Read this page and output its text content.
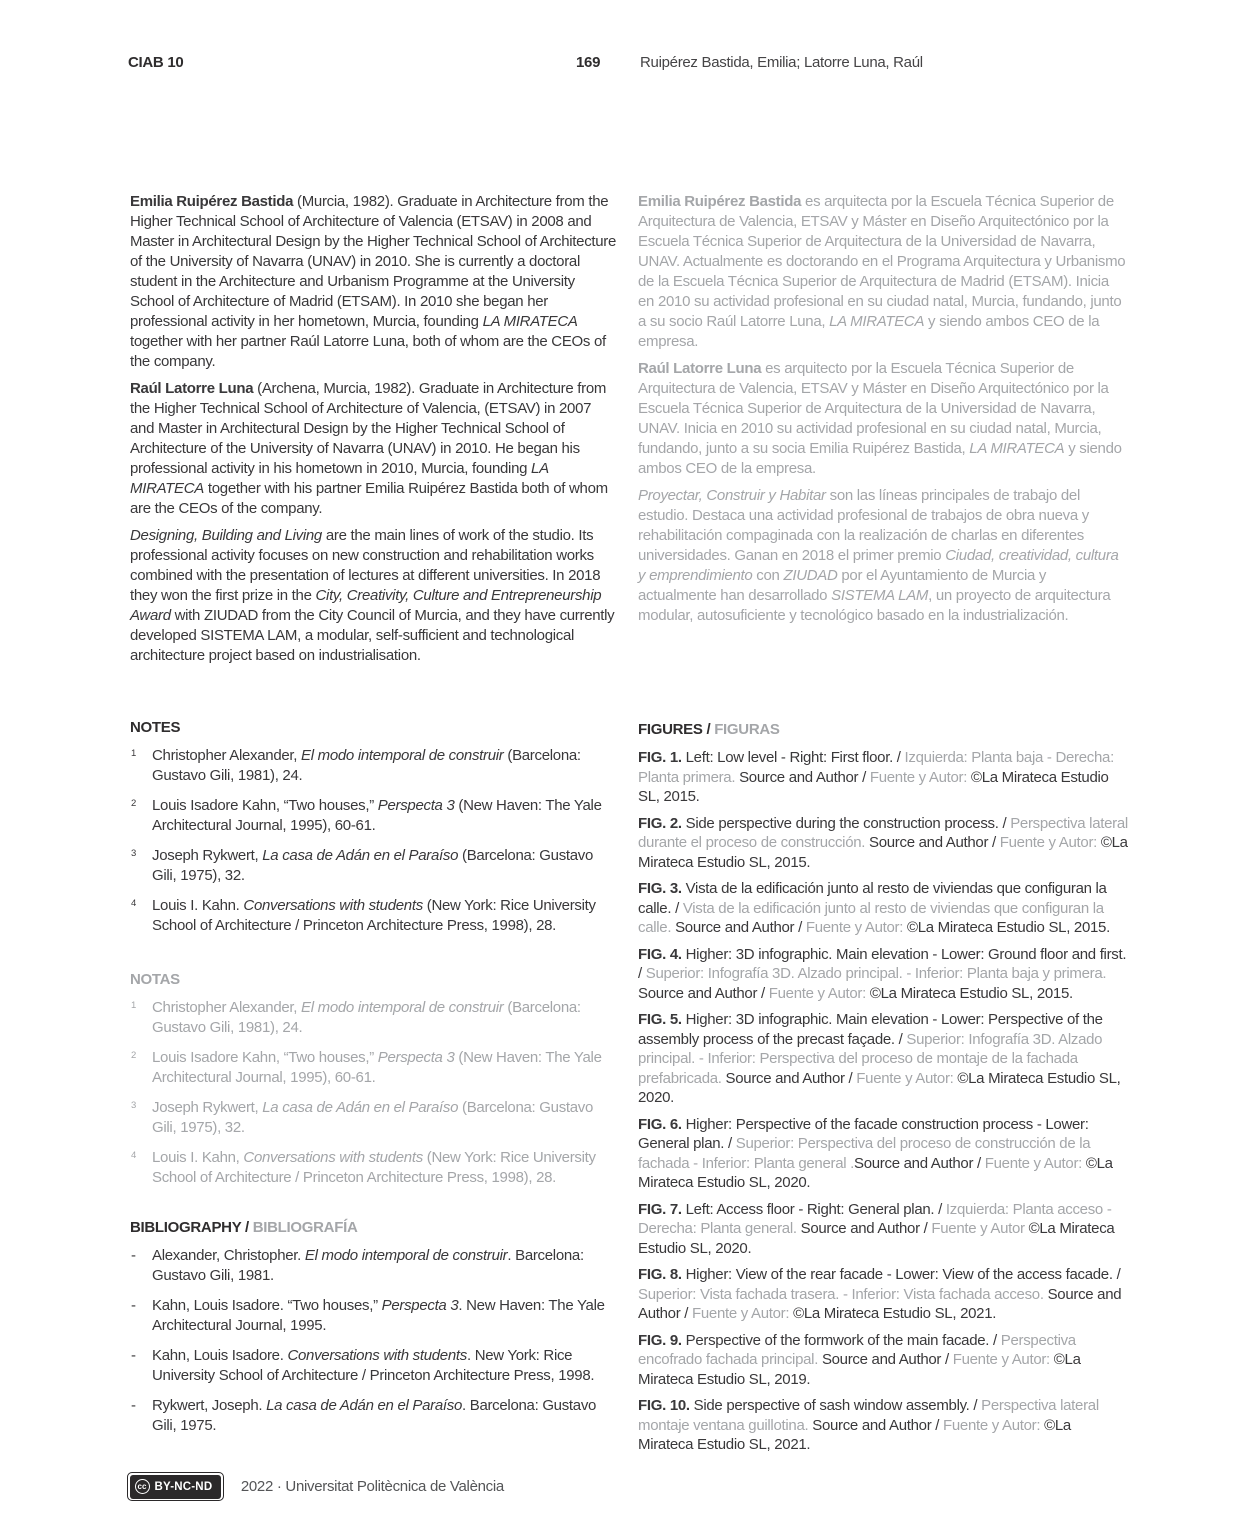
CIAB 10	169	Ruipérez Bastida, Emilia; Latorre Luna, Raúl
Emilia Ruipérez Bastida (Murcia, 1982). Graduate in Architecture from the Higher Technical School of Architecture of Valencia (ETSAV) in 2008 and Master in Architectural Design by the Higher Technical School of Architecture of the University of Navarra (UNAV) in 2010. She is currently a doctoral student in the Architecture and Urbanism Programme at the University School of Architecture of Madrid (ETSAM). In 2010 she began her professional activity in her hometown, Murcia, founding LA MIRATECA together with her partner Raúl Latorre Luna, both of whom are the CEOs of the company.
Raúl Latorre Luna (Archena, Murcia, 1982). Graduate in Architecture from the Higher Technical School of Architecture of Valencia, (ETSAV) in 2007 and Master in Architectural Design by the Higher Technical School of Architecture of the University of Navarra (UNAV) in 2010. He began his professional activity in his hometown in 2010, Murcia, founding LA MIRATECA together with his partner Emilia Ruipérez Bastida both of whom are the CEOs of the company.
Designing, Building and Living are the main lines of work of the studio. Its professional activity focuses on new construction and rehabilitation works combined with the presentation of lectures at different universities. In 2018 they won the first prize in the City, Creativity, Culture and Entrepreneurship Award with ZIUDAD from the City Council of Murcia, and they have currently developed SISTEMA LAM, a modular, self-sufficient and technological architecture project based on industrialisation.
NOTES
1 Christopher Alexander, El modo intemporal de construir (Barcelona: Gustavo Gili, 1981), 24.
2 Louis Isadore Kahn, “Two houses,” Perspecta 3 (New Haven: The Yale Architectural Journal, 1995), 60-61.
3 Joseph Rykwert, La casa de Adán en el Paraíso (Barcelona: Gustavo Gili, 1975), 32.
4 Louis I. Kahn. Conversations with students (New York: Rice University School of Architecture / Princeton Architecture Press, 1998), 28.
NOTAS
1 Christopher Alexander, El modo intemporal de construir (Barcelona: Gustavo Gili, 1981), 24.
2 Louis Isadore Kahn, “Two houses,” Perspecta 3 (New Haven: The Yale Architectural Journal, 1995), 60-61.
3 Joseph Rykwert, La casa de Adán en el Paraíso (Barcelona: Gustavo Gili, 1975), 32.
4 Louis I. Kahn, Conversations with students (New York: Rice University School of Architecture / Princeton Architecture Press, 1998), 28.
BIBLIOGRAPHY / BIBLIOGRAFÍA
- Alexander, Christopher. El modo intemporal de construir. Barcelona: Gustavo Gili, 1981.
- Kahn, Louis Isadore. “Two houses,” Perspecta 3. New Haven: The Yale Architectural Journal, 1995.
- Kahn, Louis Isadore. Conversations with students. New York: Rice University School of Architecture / Princeton Architecture Press, 1998.
- Rykwert, Joseph. La casa de Adán en el Paraíso. Barcelona: Gustavo Gili, 1975.
Emilia Ruipérez Bastida es arquitecta por la Escuela Técnica Superior de Arquitectura de Valencia, ETSAV y Máster en Diseño Arquitectónico por la Escuela Técnica Superior de Arquitectura de la Universidad de Navarra, UNAV. Actualmente es doctorando en el Programa Arquitectura y Urbanismo de la Escuela Técnica Superior de Arquitectura de Madrid (ETSAM). Inicia en 2010 su actividad profesional en su ciudad natal, Murcia, fundando, junto a su socio Raúl Latorre Luna, LA MIRATECA y siendo ambos CEO de la empresa.
Raúl Latorre Luna es arquitecto por la Escuela Técnica Superior de Arquitectura de Valencia, ETSAV y Máster en Diseño Arquitectónico por la Escuela Técnica Superior de Arquitectura de la Universidad de Navarra, UNAV. Inicia en 2010 su actividad profesional en su ciudad natal, Murcia, fundando, junto a su socia Emilia Ruipérez Bastida, LA MIRATECA y siendo ambos CEO de la empresa.
Proyectar, Construir y Habitar son las líneas principales de trabajo del estudio. Destaca una actividad profesional de trabajos de obra nueva y rehabilitación compaginada con la realización de charlas en diferentes universidades. Ganan en 2018 el primer premio Ciudad, creatividad, cultura y emprendimiento con ZIUDAD por el Ayuntamiento de Murcia y actualmente han desarrollado SISTEMA LAM, un proyecto de arquitectura modular, autosuficiente y tecnológico basado en la industrialización.
FIGURES / FIGURAS
FIG. 1. Left: Low level - Right: First floor. / Izquierda: Planta baja - Derecha: Planta primera. Source and Author / Fuente y Autor: ©La Mirateca Estudio SL, 2015.
FIG. 2. Side perspective during the construction process. / Perspectiva lateral durante el proceso de construcción. Source and Author / Fuente y Autor: ©La Mirateca Estudio SL, 2015.
FIG. 3. Vista de la edificación junto al resto de viviendas que configuran la calle. / Vista de la edificación junto al resto de viviendas que configuran la calle. Source and Author / Fuente y Autor: ©La Mirateca Estudio SL, 2015.
FIG. 4. Higher: 3D infographic. Main elevation - Lower: Ground floor and first. / Superior: Infografía 3D. Alzado principal. - Inferior: Planta baja y primera. Source and Author / Fuente y Autor: ©La Mirateca Estudio SL, 2015.
FIG. 5. Higher: 3D infographic. Main elevation - Lower: Perspective of the assembly process of the precast façade. / Superior: Infografía 3D. Alzado principal. - Inferior: Perspectiva del proceso de montaje de la fachada prefabricada. Source and Author / Fuente y Autor: ©La Mirateca Estudio SL, 2020.
FIG. 6. Higher: Perspective of the facade construction process - Lower: General plan. / Superior: Perspectiva del proceso de construcción de la fachada - Inferior: Planta general .Source and Author / Fuente y Autor: ©La Mirateca Estudio SL, 2020.
FIG. 7. Left: Access floor - Right: General plan. / Izquierda: Planta acceso - Derecha: Planta general. Source and Author / Fuente y Autor ©La Mirateca Estudio SL, 2020.
FIG. 8. Higher: View of the rear facade - Lower: View of the access facade. / Superior: Vista fachada trasera. - Inferior: Vista fachada acceso. Source and Author / Fuente y Autor: ©La Mirateca Estudio SL, 2021.
FIG. 9. Perspective of the formwork of the main facade. / Perspectiva encofrado fachada principal. Source and Author / Fuente y Autor: ©La Mirateca Estudio SL, 2019.
FIG. 10. Side perspective of sash window assembly. / Perspectiva lateral montaje ventana guillotina. Source and Author / Fuente y Autor: ©La Mirateca Estudio SL, 2021.
cc BY-NC-ND 2022 · Universitat Politècnica de València
